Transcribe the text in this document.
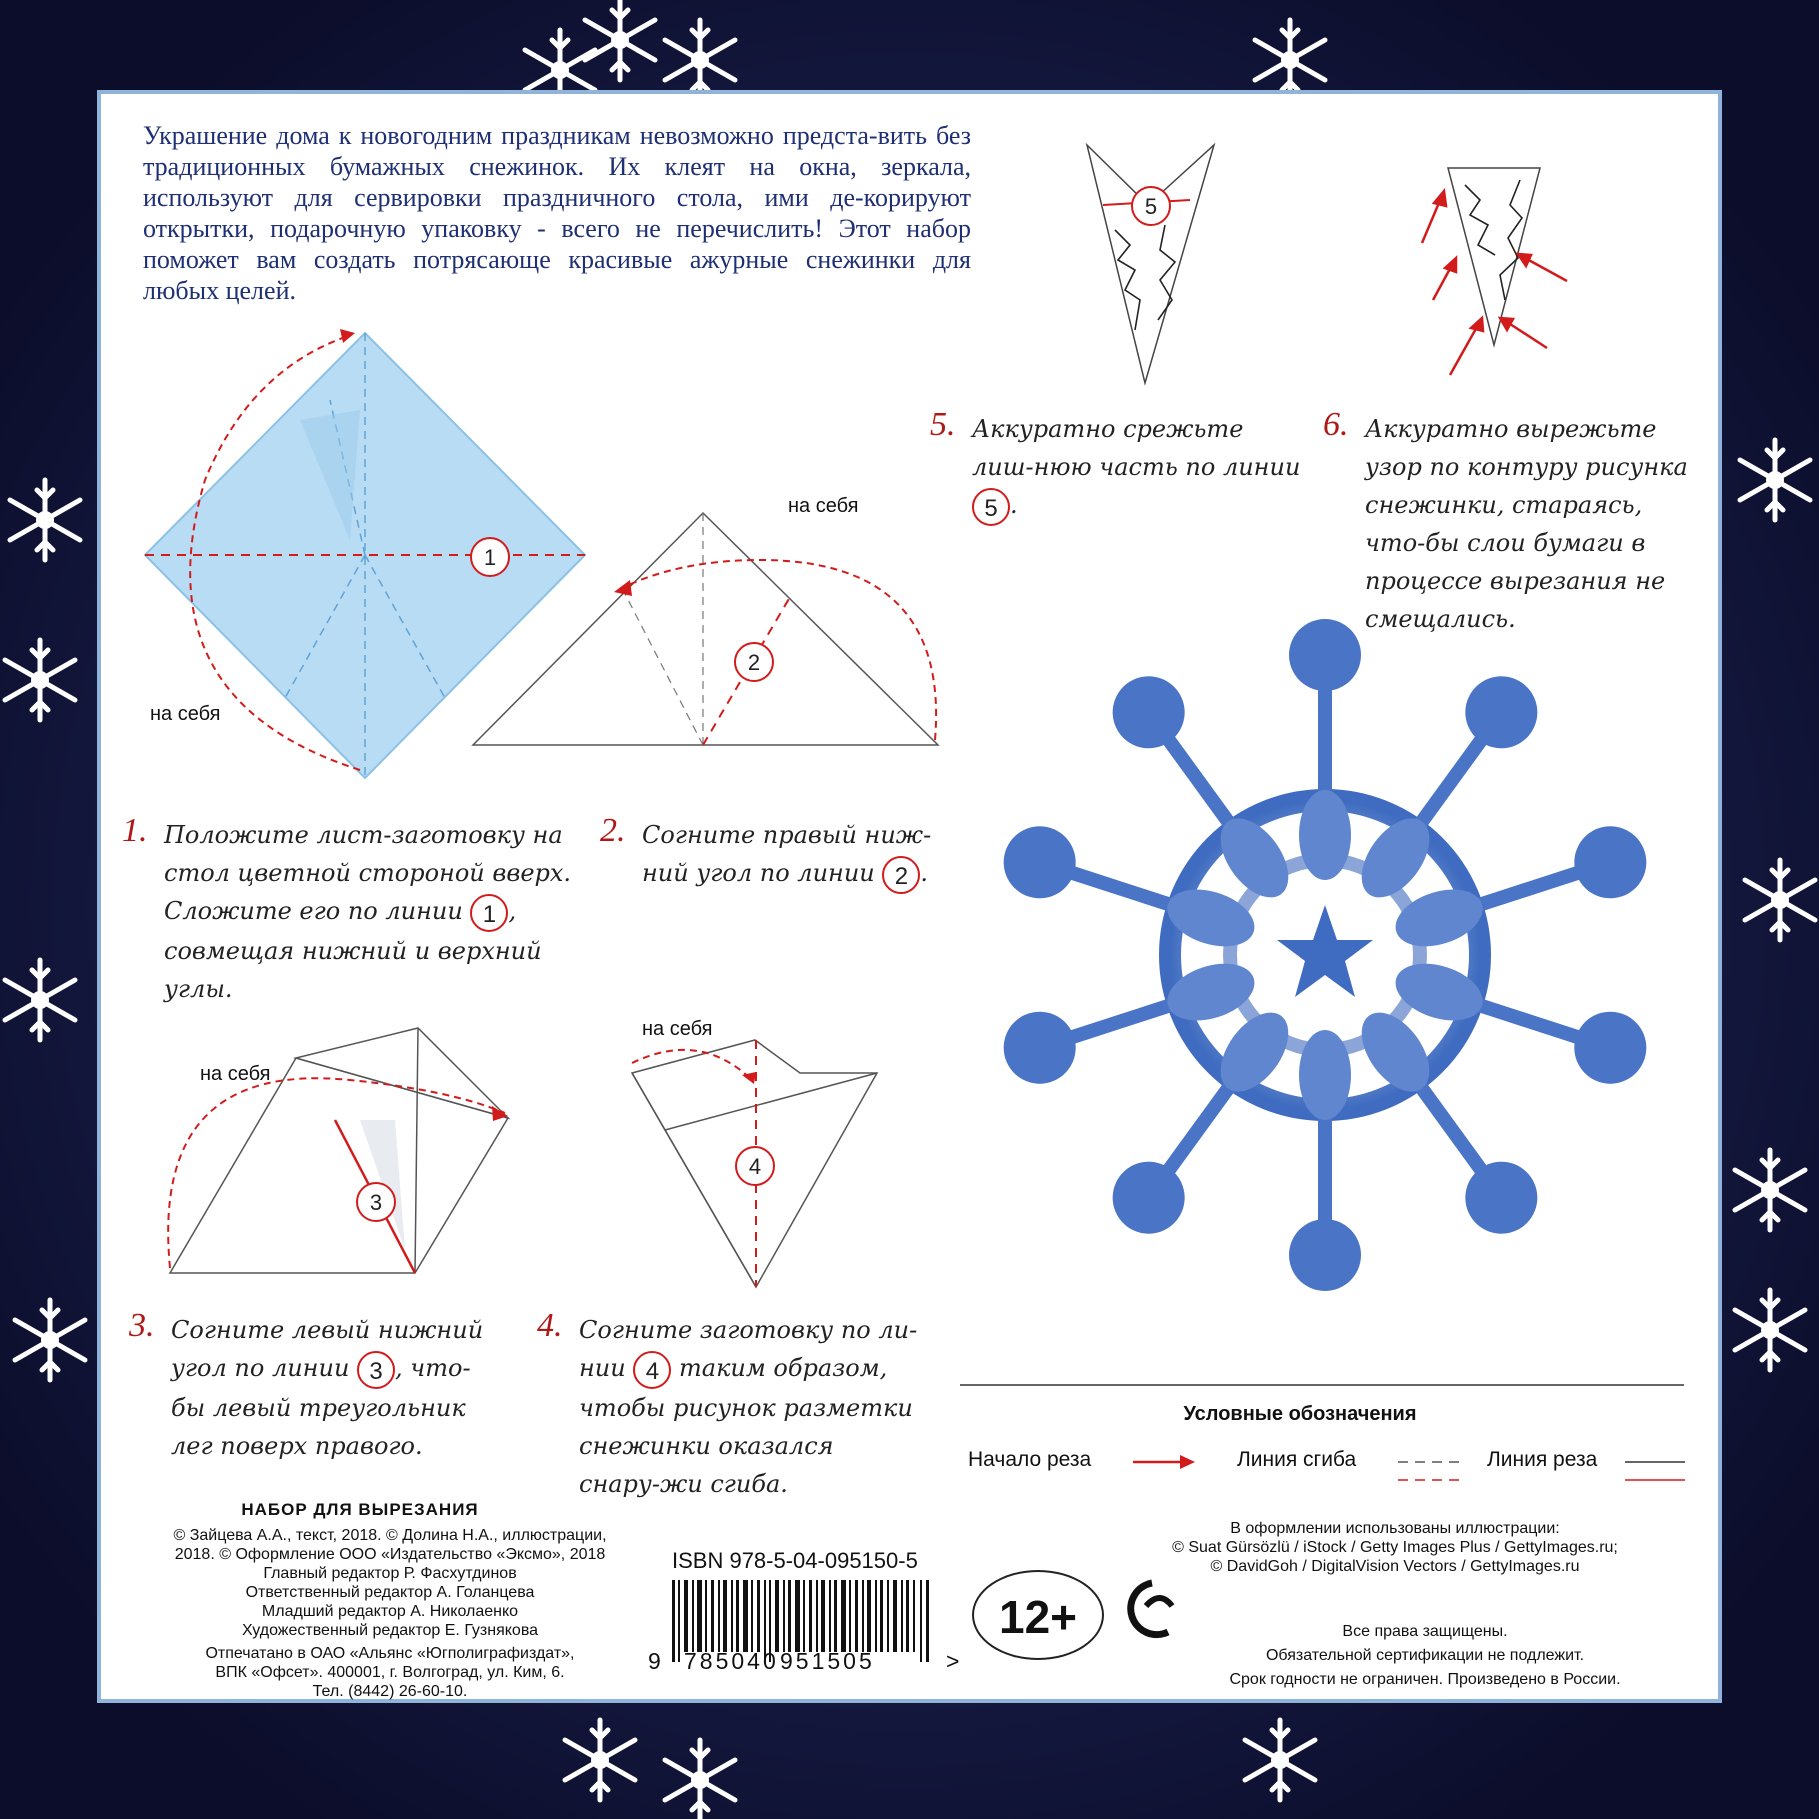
Украшение дома к новогодним праздникам невозможно предста-вить без традиционных бумажных снежинок. Их клеят на окна, зеркала, используют для сервировки праздничного стола, ими де-корируют открытки, подарочную упаковку - всего не перечислить! Этот набор поможет вам создать потрясающе красивые ажурные снежинки для любых целей.
на себя
на себя
на себя
на себя
1
2
3
4
5
1. Положите лист-заготовку на стол цветной стороной вверх. Сложите его по линии 1 , совмещая нижний и верхний углы.
2. Согните правый ниж-ний угол по линии 2 .
3. Согните левый нижний угол по линии 3 , что-бы левый треугольник лег поверх правого.
4. Согните заготовку по ли-нии 4 таким образом, чтобы рисунок разметки снежинки оказался снару-жи сгиба.
5. Аккуратно срежьте лиш-нюю часть по линии 5 .
6. Аккуратно вырежьте узор по контуру рисунка снежинки, стараясь, что-бы слои бумаги в процессе вырезания не смещались.
Условные обозначения
Начало реза	Линия сгиба	Линия реза
НАБОР ДЛЯ ВЫРЕЗАНИЯ
© Зайцева А.А., текст, 2018. © Долина Н.А., иллюстрации,
2018. © Оформление ООО «Издательство «Эксмо», 2018
Главный редактор Р. Фасхутдинов
Ответственный редактор А. Голанцева
Младший редактор А. Николаенко
Художественный редактор Е. Гузнякова
Отпечатано в ОАО «Альянс «Югполиграфиздат»,
ВПК «Офсет». 400001, г. Волгоград, ул. Ким, 6.
Тел. (8442) 26-60-10.
ISBN 978-5-04-095150-5
9 785040 951505	>
12+
В оформлении использованы иллюстрации:
© Suat Gürsözlü / iStock / Getty Images Plus / GettyImages.ru;
© DavidGoh / DigitalVision Vectors / GettyImages.ru
Все права защищены.
Обязательной сертификации не подлежит.
Срок годности не ограничен. Произведено в России.
